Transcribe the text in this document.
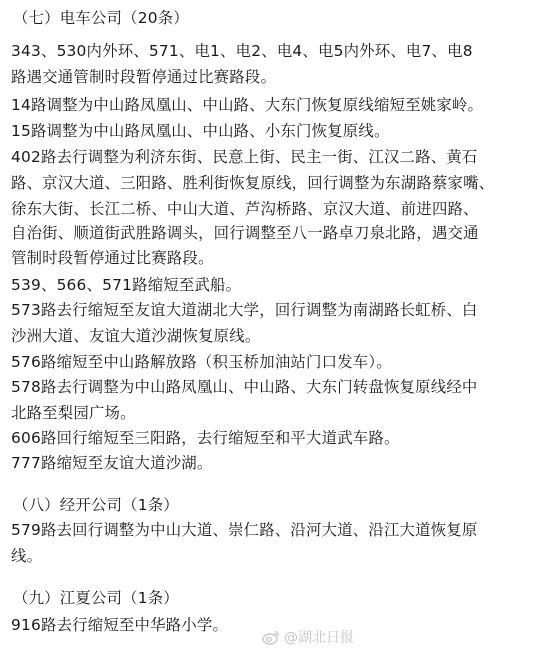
（七）电车公司（20条）
343、530内外环、571、电1、电2、电4、电5内外环、电7、电8
路遇交通管制时段暂停通过比赛路段。
14路调整为中山路凤凰山、中山路、大东门恢复原线缩短至姚家岭。
15路调整为中山路凤凰山、中山路、小东门恢复原线。
402路去行调整为利济东街、民意上街、民主一街、江汉二路、黄石
路、京汉大道、三阳路、胜利街恢复原线，回行调整为东湖路蔡家嘴、
徐东大街、长江二桥、中山大道、芦沟桥路、京汉大道、前进四路、
自治街、顺道街武胜路调头，回行调整至八一路卓刀泉北路，遇交通
管制时段暂停通过比赛路段。
539、566、571路缩短至武船。
573路去行缩短至友谊大道湖北大学，回行调整为南湖路长虹桥、白
沙洲大道、友谊大道沙湖恢复原线。
576路缩短至中山路解放路（积玉桥加油站门口发车）。
578路去行调整为中山路凤凰山、中山路、大东门转盘恢复原线经中
北路至梨园广场。
606路回行缩短至三阳路，去行缩短至和平大道武车路。
777路缩短至友谊大道沙湖。
（八）经开公司（1条）
579路去回行调整为中山大道、崇仁路、沿河大道、沿江大道恢复原
线。
（九）江夏公司（1条）
916路去行缩短至中华路小学。
@湖北日报
